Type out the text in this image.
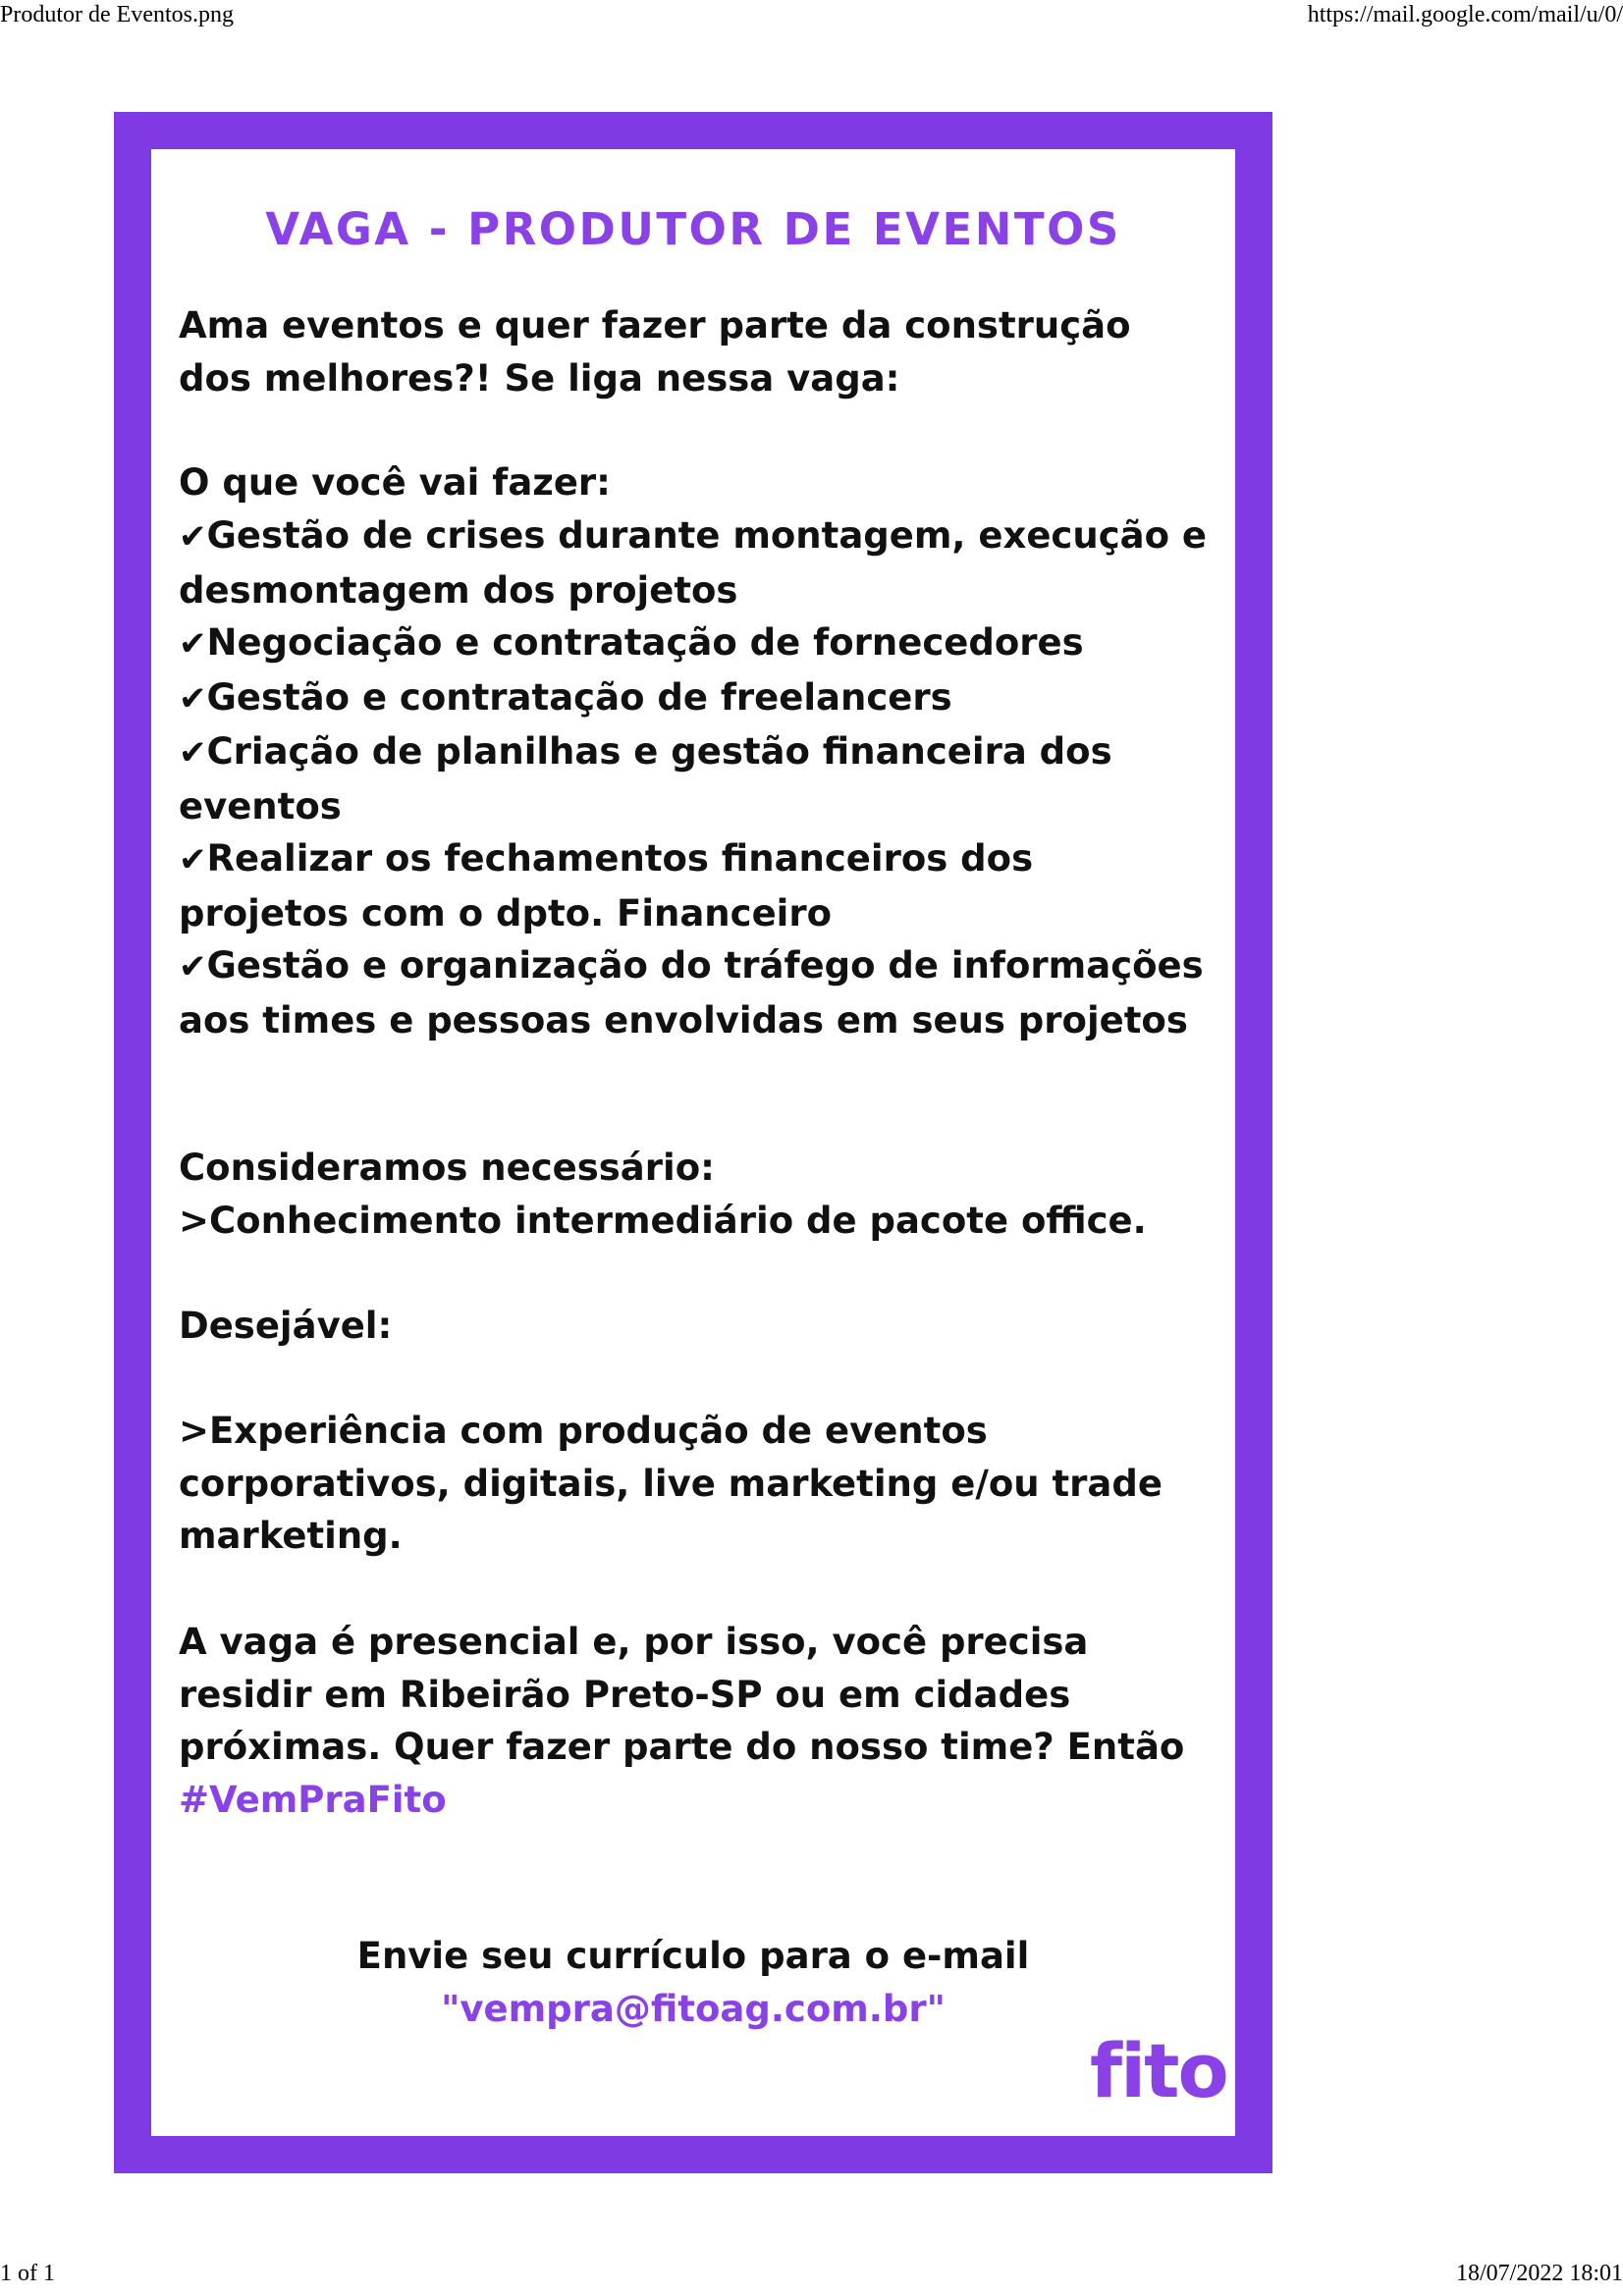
Produtor de Eventos.png	https://mail.google.com/mail/u/0/
VAGA - PRODUTOR DE EVENTOS
Ama eventos e quer fazer parte da construção
dos melhores?! Se liga nessa vaga:
O que você vai fazer:
✔Gestão de crises durante montagem, execução e
desmontagem dos projetos
✔Negociação e contratação de fornecedores
✔Gestão e contratação de freelancers
✔Criação de planilhas e gestão financeira dos
eventos
✔Realizar os fechamentos financeiros dos
projetos com o dpto. Financeiro
✔Gestão e organização do tráfego de informações
aos times e pessoas envolvidas em seus projetos
Consideramos necessário:
>Conhecimento intermediário de pacote office.
Desejável:
>Experiência com produção de eventos
corporativos, digitais, live marketing e/ou trade
marketing.
A vaga é presencial e, por isso, você precisa
residir em Ribeirão Preto-SP ou em cidades
próximas. Quer fazer parte do nosso time? Então
#VemPraFito
Envie seu currículo para o e-mail
"vempra@fitoag.com.br"
fito
1 of 1	18/07/2022 18:01
